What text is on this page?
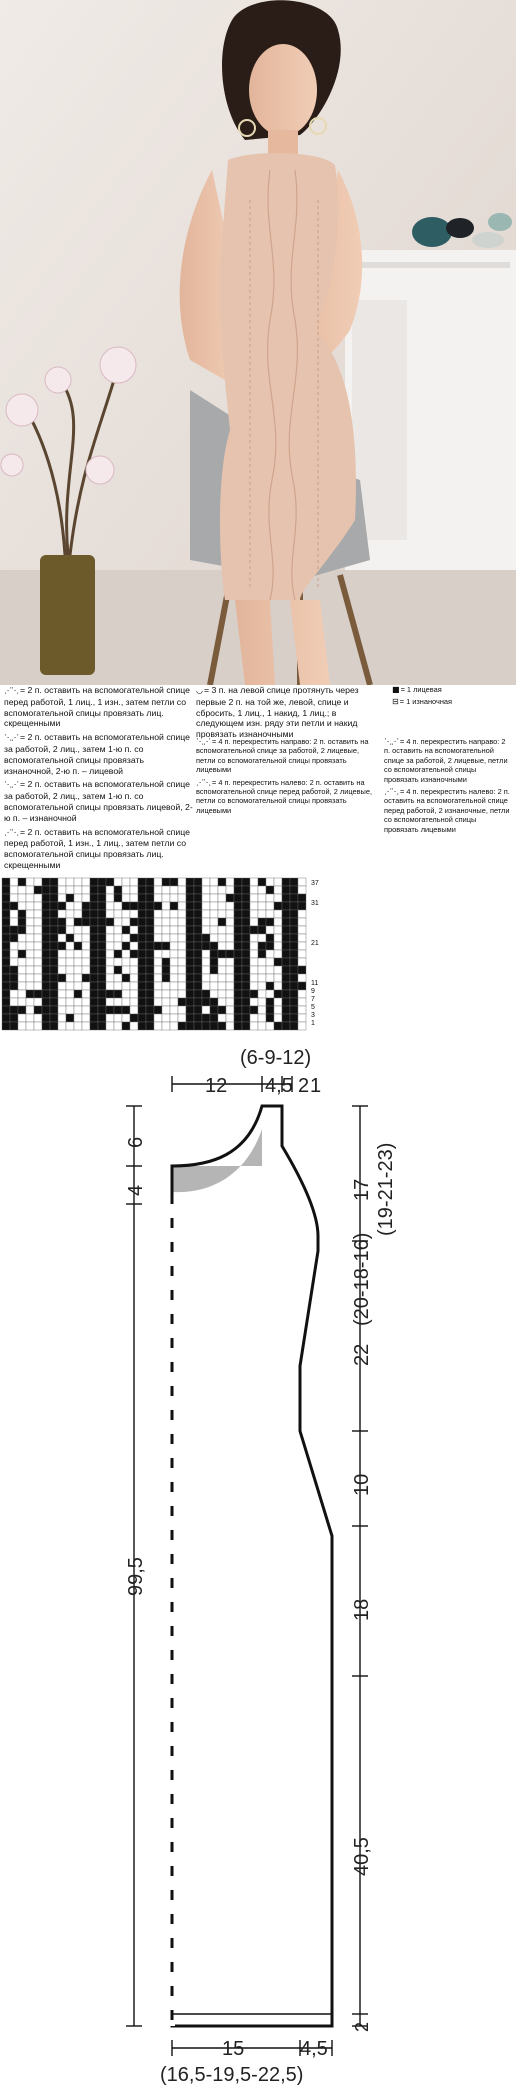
⋰⋱ = 2 п. оставить на вспомогательной спице перед работой, 1 лиц., 1 изн., затем петли со вспомогательной спицы провязать лиц. скрещенными

⋱⋰ = 2 п. оставить на вспомогательной спице за работой, 2 лиц., затем 1-ю п. со вспомогательной спицы провязать изнаночной, 2-ю п. – лицевой

⋱⋰ = 2 п. оставить на вспомогательной спице за работой, 2 лиц., затем 1-ю п. со вспомогательной спицы провязать лицевой, 2-ю п. – изнаночной

⋰⋱ = 2 п. оставить на вспомогательной спице перед работой, 1 изн., 1 лиц., затем петли со вспомогательной спицы провязать лиц. скрещенными

◡ = 3 п. на левой спице протянуть через первые 2 п. на той же, левой, спице и сбросить, 1 лиц., 1 накид, 1 лиц.; в следующем изн. ряду эти петли и накид провязать изнаночными

⋱⋰ = 4 п. перекрестить направо: 2 п. оставить на вспомогательной спице за работой, 2 лицевые, петли со вспомогательной спицы провязать лицевыми

⋰⋱ = 4 п. перекрестить налево: 2 п. оставить на вспомогательной спице перед работой, 2 лицевые, петли со вспомогательной спицы провязать лицевыми

■ = 1 лицевая

⊟ = 1 изнаночная

⋱⋰ = 4 п. перекрестить направо: 2 п. оставить на вспомогательной спице за работой, 2 лицевые, петли со вспомогательной спицы провязать изнаночными

⋰⋱ = 4 п. перекрестить налево: 2 п. оставить на вспомогательной спице перед работой, 2 изнаночные, петли со вспомогательной спицы провязать лицевыми

37
31
21
11
9
7
5
3
1
(6-9-12)
12 4,5 2 1
6
4
99,5
17 (19-21-23)
22
(20-18-16)
10
18
40,5
2
15	4,5
(16,5-19,5-22,5)
